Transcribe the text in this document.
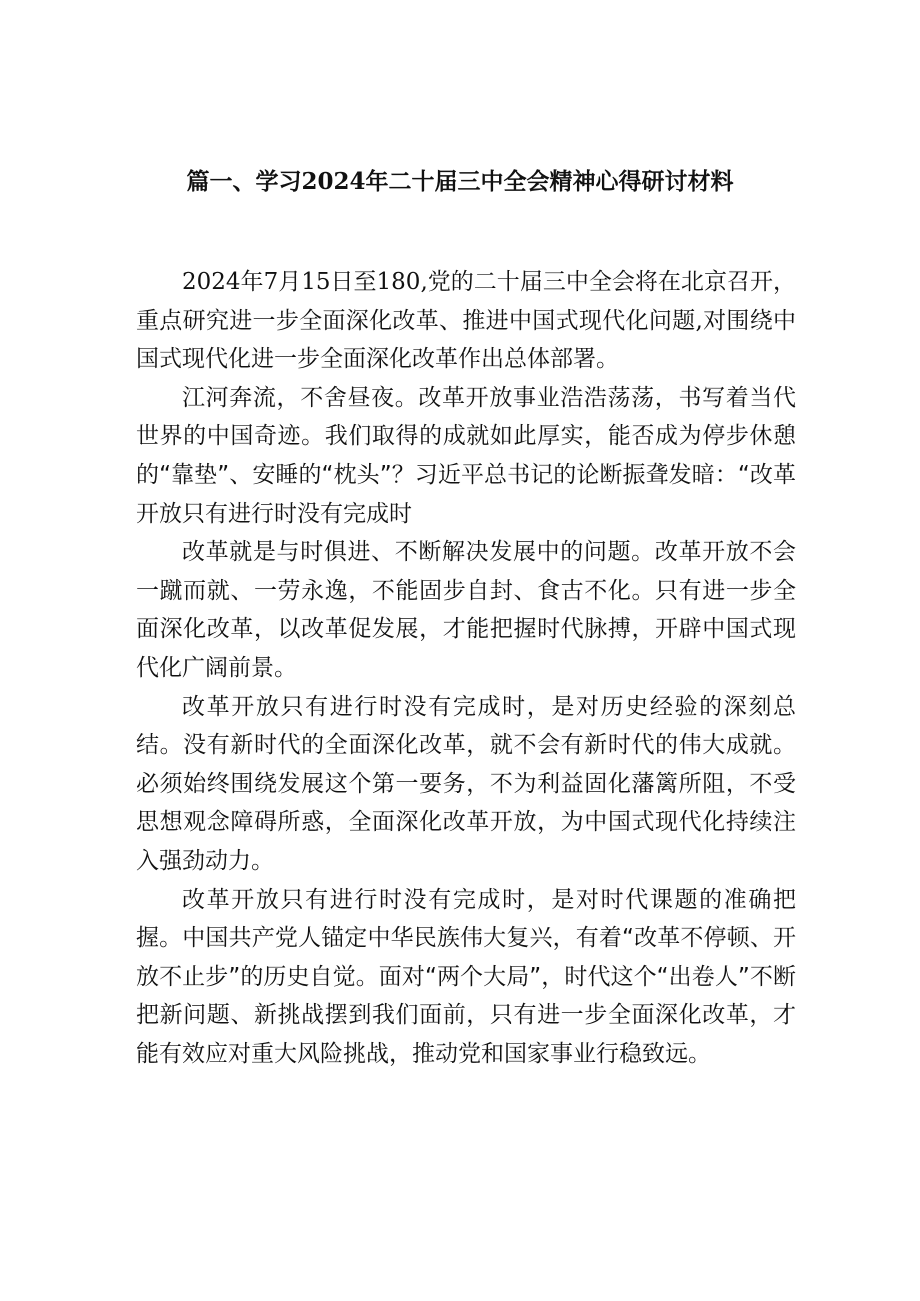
篇一、学习2024年二十届三中全会精神心得研讨材料

2024年7月15日至180,党的二十届三中全会将在北京召开，重点研究进一步全面深化改革、推进中国式现代化问题,对围绕中国式现代化进一步全面深化改革作出总体部署。

江河奔流，不舍昼夜。改革开放事业浩浩荡荡，书写着当代世界的中国奇迹。我们取得的成就如此厚实，能否成为停步休憩的“靠垫”、安睡的“枕头”？习近平总书记的论断振聋发暗：“改革开放只有进行时没有完成时

改革就是与时俱进、不断解决发展中的问题。改革开放不会一蹴而就、一劳永逸，不能固步自封、食古不化。只有进一步全面深化改革，以改革促发展，才能把握时代脉搏，开辟中国式现代化广阔前景。

改革开放只有进行时没有完成时，是对历史经验的深刻总结。没有新时代的全面深化改革，就不会有新时代的伟大成就。必须始终围绕发展这个第一要务，不为利益固化藩篱所阻，不受思想观念障碍所惑，全面深化改革开放，为中国式现代化持续注入强劲动力。

改革开放只有进行时没有完成时，是对时代课题的准确把握。中国共产党人锚定中华民族伟大复兴，有着“改革不停顿、开放不止步”的历史自觉。面对“两个大局”，时代这个“出卷人”不断把新问题、新挑战摆到我们面前，只有进一步全面深化改革，才能有效应对重大风险挑战，推动党和国家事业行稳致远。
